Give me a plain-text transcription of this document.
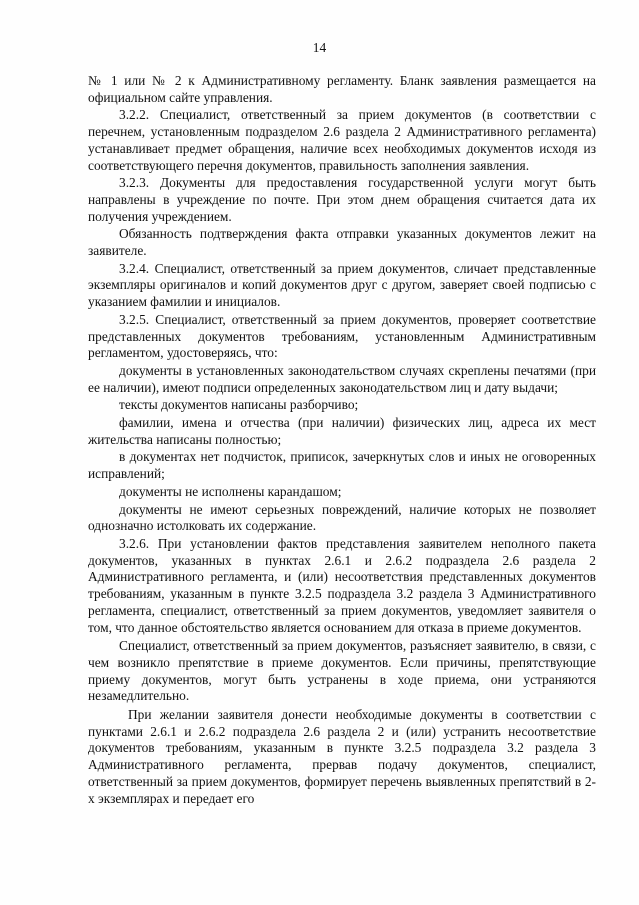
14

№ 1 или № 2 к Административному регламенту. Бланк заявления размещается на официальном сайте управления.

3.2.2. Специалист, ответственный за прием документов (в соответствии с перечнем, установленным подразделом 2.6 раздела 2 Административного регламента) устанавливает предмет обращения, наличие всех необходимых документов исходя из соответствующего перечня документов, правильность заполнения заявления.

3.2.3. Документы для предоставления государственной услуги могут быть направлены в учреждение по почте. При этом днем обращения считается дата их получения учреждением.

Обязанность подтверждения факта отправки указанных документов лежит на заявителе.

3.2.4. Специалист, ответственный за прием документов, сличает представленные экземпляры оригиналов и копий документов друг с другом, заверяет своей подписью с указанием фамилии и инициалов.

3.2.5. Специалист, ответственный за прием документов, проверяет соответствие представленных документов требованиям, установленным Административным регламентом, удостоверяясь, что:

документы в установленных законодательством случаях скреплены печатями (при ее наличии), имеют подписи определенных законодательством лиц и дату выдачи;

тексты документов написаны разборчиво;

фамилии, имена и отчества (при наличии) физических лиц, адреса их мест жительства написаны полностью;

в документах нет подчисток, приписок, зачеркнутых слов и иных не оговоренных исправлений;

документы не исполнены карандашом;

документы не имеют серьезных повреждений, наличие которых не позволяет однозначно истолковать их содержание.

3.2.6. При установлении фактов представления заявителем неполного пакета документов, указанных в пунктах 2.6.1 и 2.6.2 подраздела 2.6 раздела 2 Административного регламента, и (или) несоответствия представленных документов требованиям, указанным в пункте 3.2.5 подраздела 3.2 раздела 3 Административного регламента, специалист, ответственный за прием документов, уведомляет заявителя о том, что данное обстоятельство является основанием для отказа в приеме документов.

Специалист, ответственный за прием документов, разъясняет заявителю, в связи, с чем возникло препятствие в приеме документов. Если причины, препятствующие приему документов, могут быть устранены в ходе приема, они устраняются незамедлительно.

При желании заявителя донести необходимые документы в соответствии с пунктами 2.6.1 и 2.6.2 подраздела 2.6 раздела 2 и (или) устранить несоответствие документов требованиям, указанным в пункте 3.2.5 подраздела 3.2 раздела 3 Административного регламента, прервав подачу документов, специалист, ответственный за прием документов, формирует перечень выявленных препятствий в 2-х экземплярах и передает его
